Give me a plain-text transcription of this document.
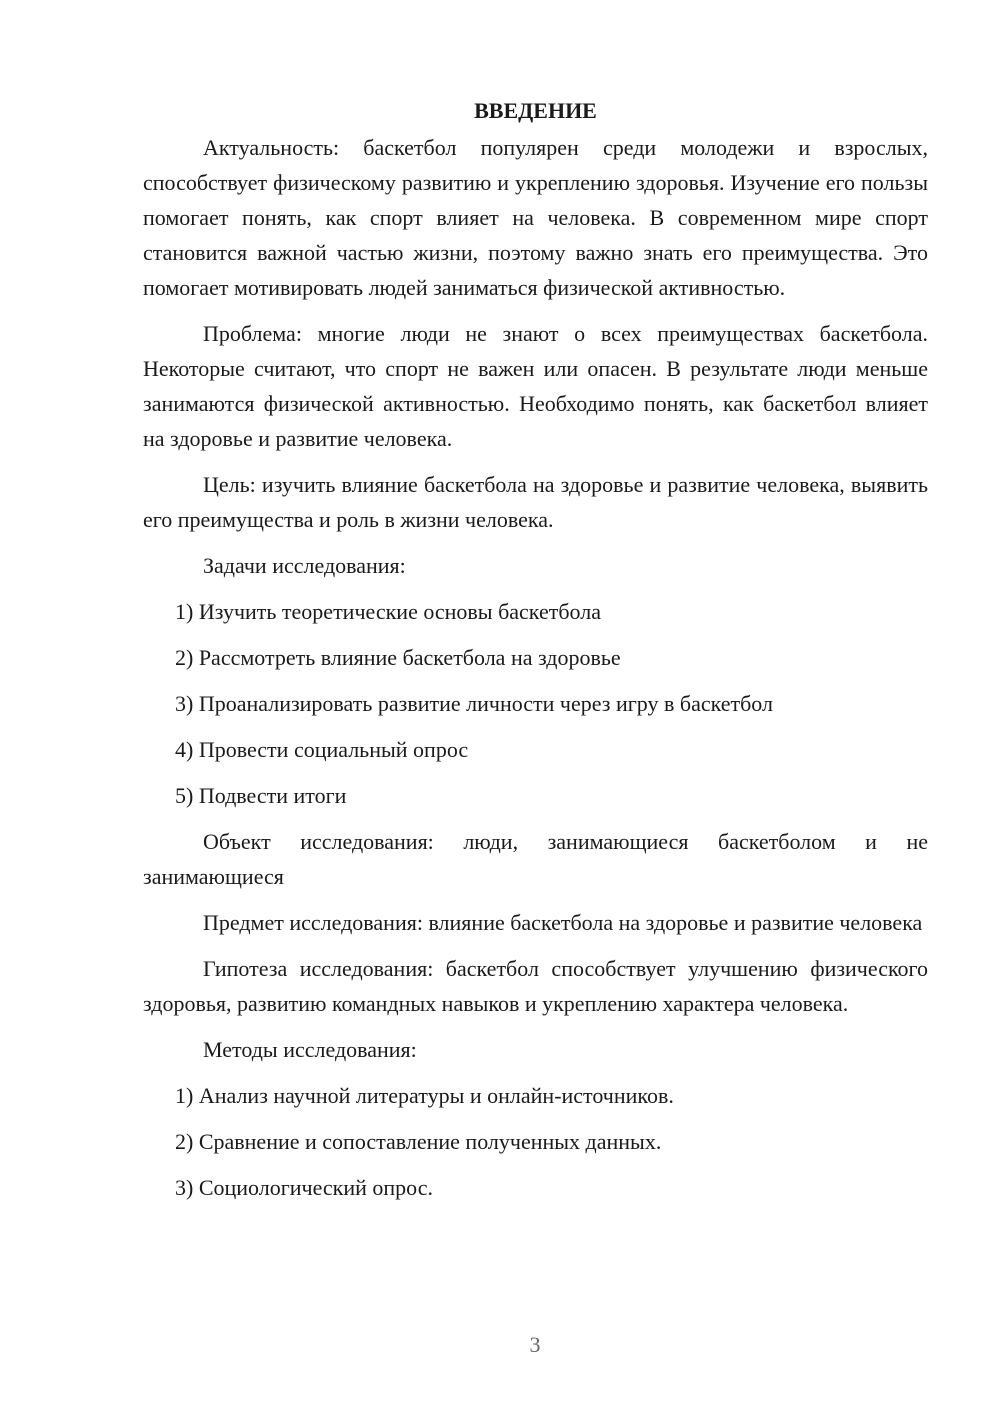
ВВЕДЕНИЕ

Актуальность: баскетбол популярен среди молодежи и взрослых, способствует физическому развитию и укреплению здоровья. Изучение его пользы помогает понять, как спорт влияет на человека. В современном мире спорт становится важной частью жизни, поэтому важно знать его преимущества. Это помогает мотивировать людей заниматься физической активностью.

Проблема: многие люди не знают о всех преимуществах баскетбола. Некоторые считают, что спорт не важен или опасен. В результате люди меньше занимаются физической активностью. Необходимо понять, как баскетбол влияет на здоровье и развитие человека.

Цель: изучить влияние баскетбола на здоровье и развитие человека, выявить его преимущества и роль в жизни человека.

Задачи исследования:
1) Изучить теоретические основы баскетбола
2) Рассмотреть влияние баскетбола на здоровье
3) Проанализировать развитие личности через игру в баскетбол
4) Провести социальный опрос
5) Подвести итоги

Объект исследования: люди, занимающиеся баскетболом и не занимающиеся

Предмет исследования: влияние баскетбола на здоровье и развитие человека

Гипотеза исследования: баскетбол способствует улучшению физического здоровья, развитию командных навыков и укреплению характера человека.

Методы исследования:
1) Анализ научной литературы и онлайн-источников.
2) Сравнение и сопоставление полученных данных.
3) Социологический опрос.
3
